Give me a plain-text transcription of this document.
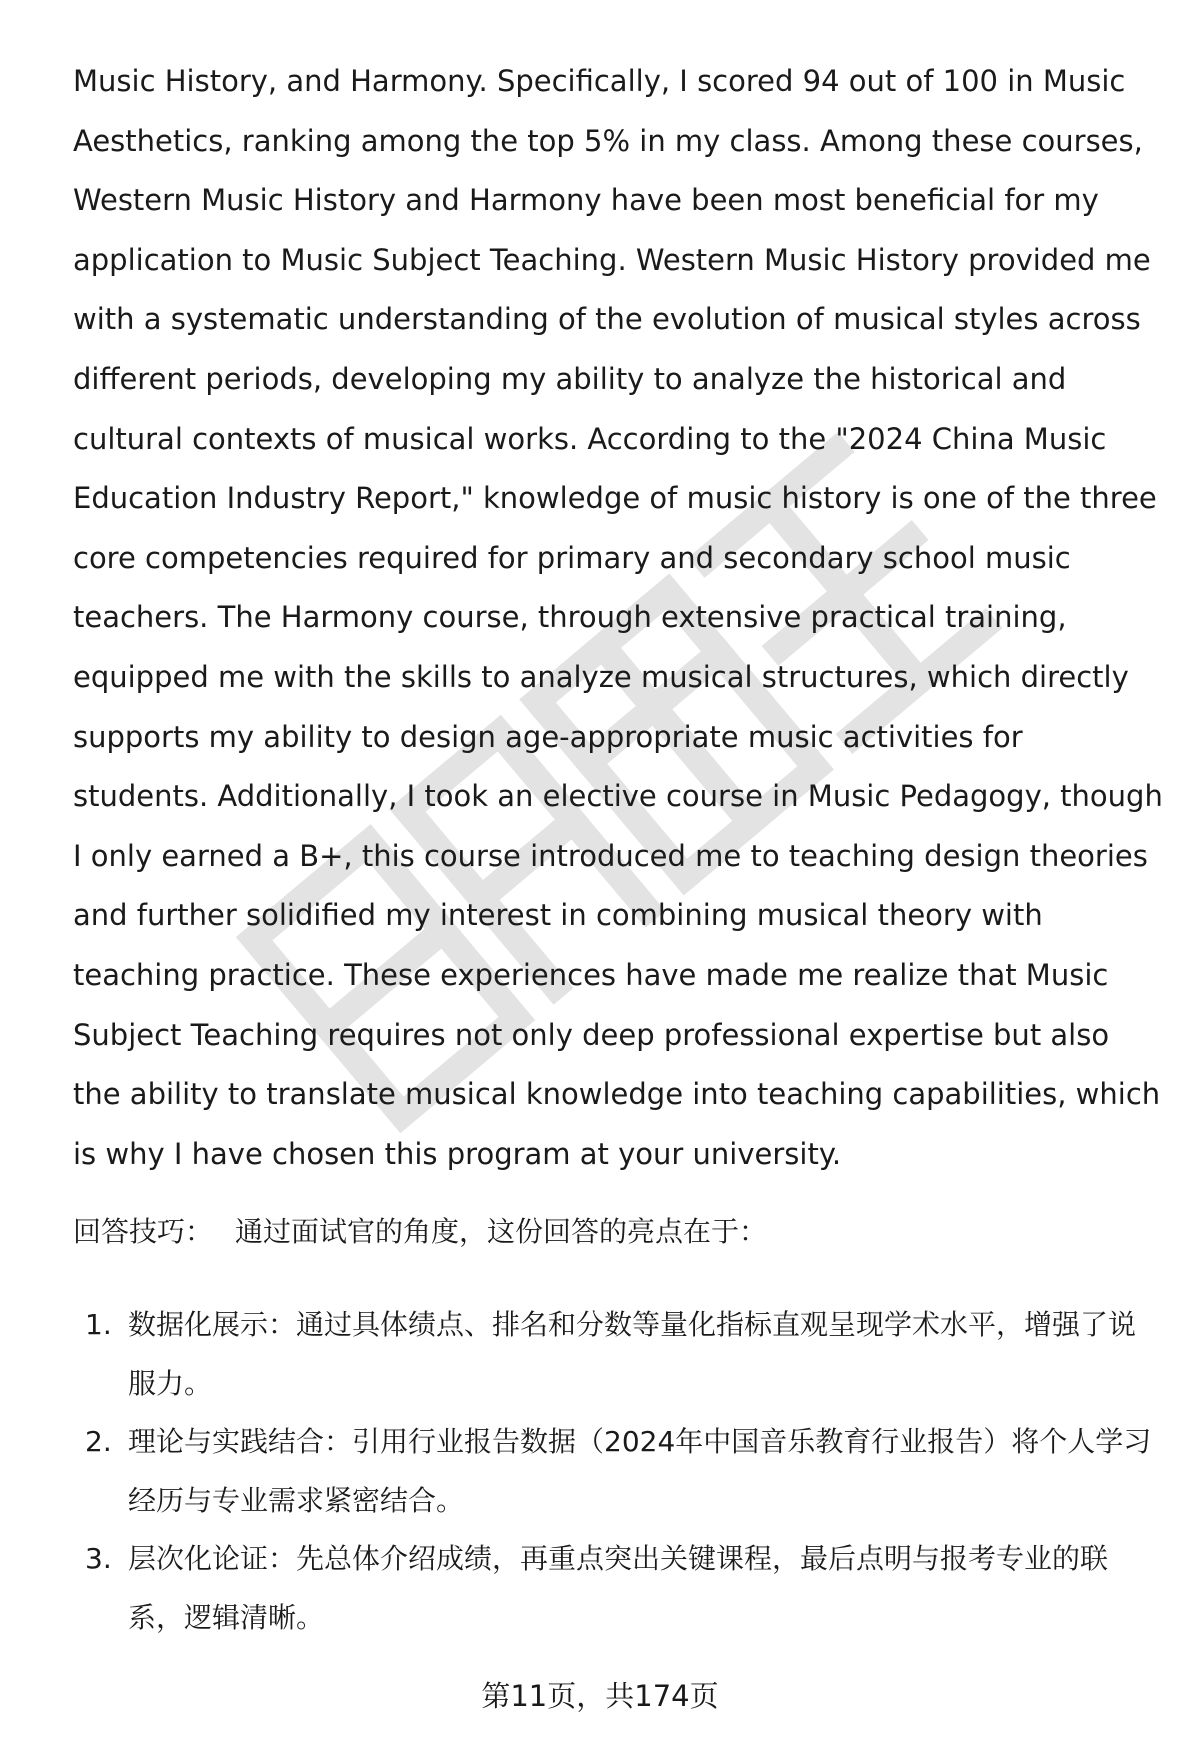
Music History, and Harmony. Specifically, I scored 94 out of 100 in Music Aesthetics, ranking among the top 5% in my class. Among these courses, Western Music History and Harmony have been most beneficial for my application to Music Subject Teaching. Western Music History provided me with a systematic understanding of the evolution of musical styles across different periods, developing my ability to analyze the historical and cultural contexts of musical works. According to the "2024 China Music Education Industry Report," knowledge of music history is one of the three core competencies required for primary and secondary school music teachers. The Harmony course, through extensive practical training, equipped me with the skills to analyze musical structures, which directly supports my ability to design age-appropriate music activities for students. Additionally, I took an elective course in Music Pedagogy, though I only earned a B+, this course introduced me to teaching design theories and further solidified my interest in combining musical theory with teaching practice. These experiences have made me realize that Music Subject Teaching requires not only deep professional expertise but also the ability to translate musical knowledge into teaching capabilities, which is why I have chosen this program at your university.

回答技巧： 通过面试官的角度，这份回答的亮点在于：
1. 数据化展示：通过具体绩点、排名和分数等量化指标直观呈现学术水平，增强了说服力。
2. 理论与实践结合：引用行业报告数据（2024年中国音乐教育行业报告）将个人学习经历与专业需求紧密结合。
3. 层次化论证：先总体介绍成绩，再重点突出关键课程，最后点明与报考专业的联系，逻辑清晰。
第11页，共174页
